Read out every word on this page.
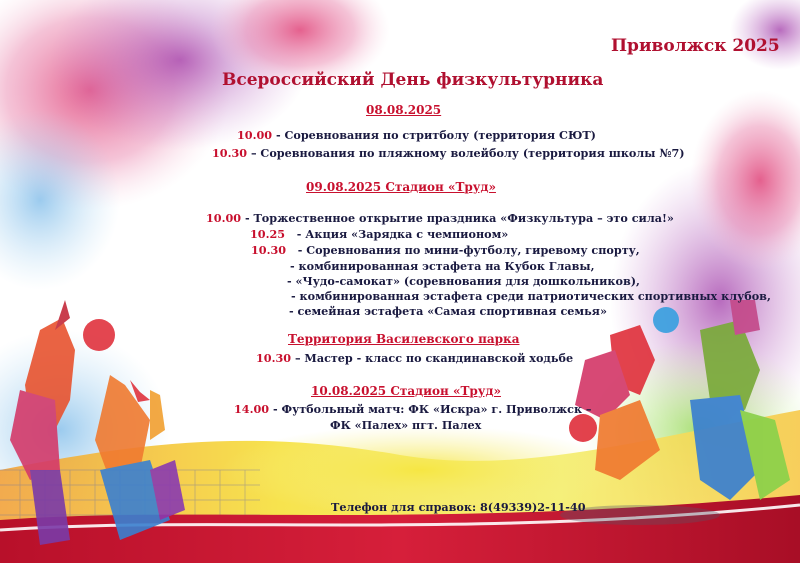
Приволжск 2025
Всероссийский День физкультурника
08.08.2025
10.00 - Соревнования по стритболу (территория СЮТ)
10.30 – Соревнования по пляжному волейболу (территория школы №7)
09.08.2025 Стадион «Труд»
10.00 - Торжественное открытие праздника «Физкультура – это сила!»
10.25   - Акция «Зарядка с чемпионом»
10.30   - Соревнования по мини-футболу, гиревому спорту,
- комбинированная эстафета на Кубок Главы,
- «Чудо-самокат» (соревнования для дошкольников),
- комбинированная эстафета среди патриотических спортивных клубов,
- семейная эстафета «Самая спортивная семья»
Территория Василевского парка
10.30 – Мастер - класс по скандинавской ходьбе
10.08.2025 Стадион «Труд»
14.00 - Футбольный матч: ФК «Искра» г. Приволжск –
ФК «Палех» пгт. Палех
Телефон для справок: 8(49339)2-11-40
